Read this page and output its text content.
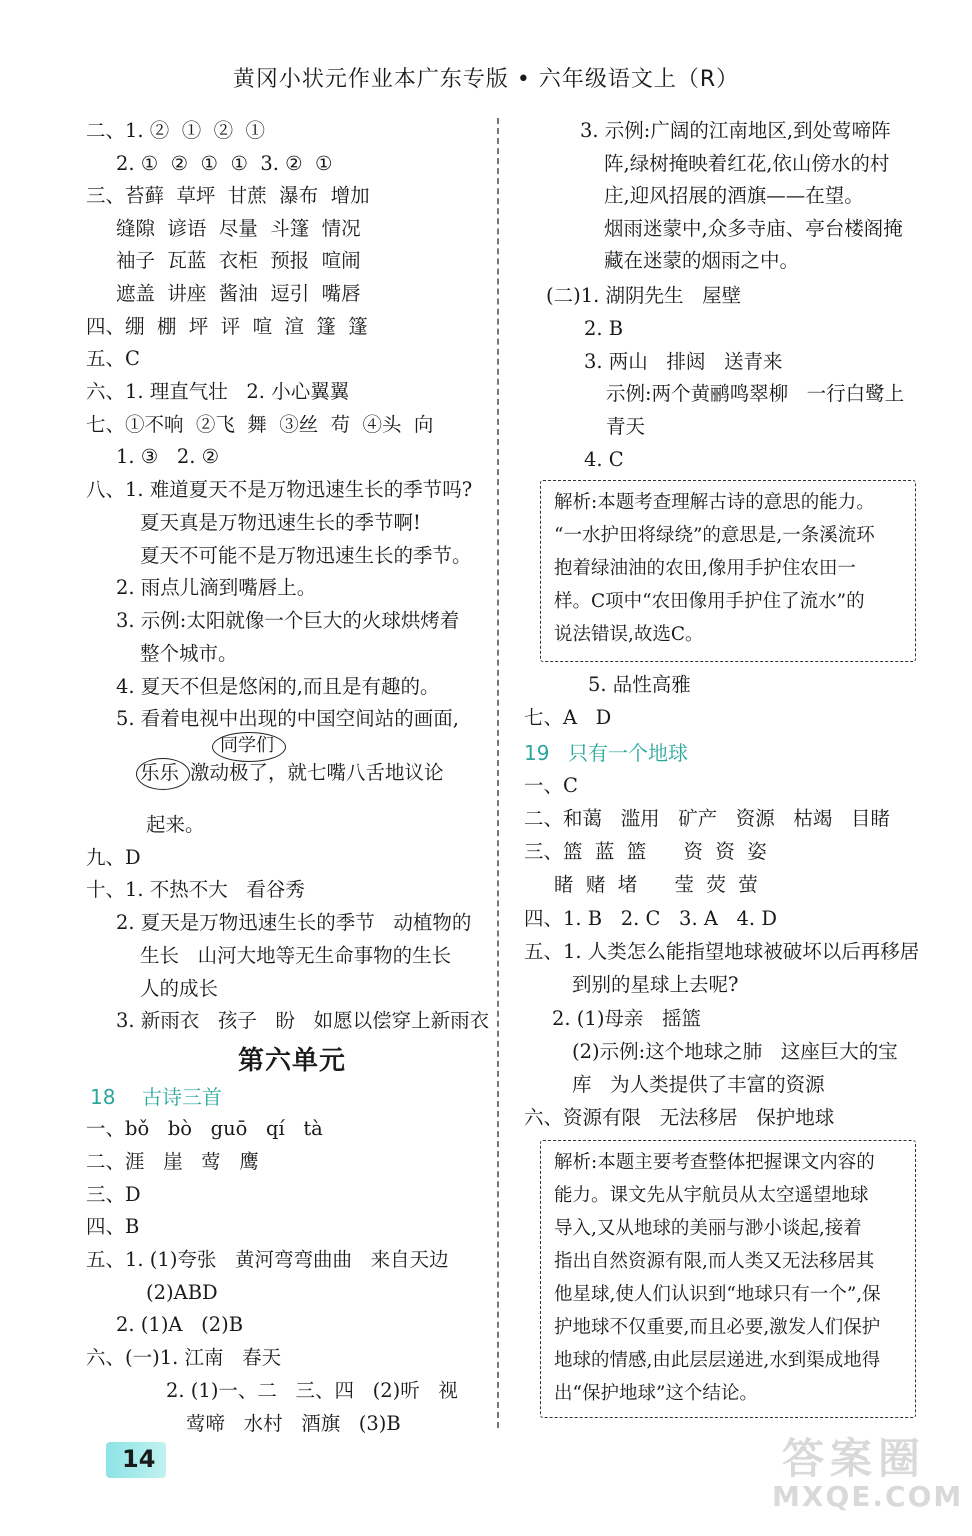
黄冈小状元作业本广东专版 • 六年级语文上（R）
二、1. ②  ①  ②  ①
2. ①  ②  ①  ①  3. ②  ①
三、苔藓  草坪  甘蔗  瀑布  增加
缝隙  谚语  尽量  斗篷  情况
袖子  瓦蓝  衣柜  预报  喧闹
遮盖  讲座  酱油  逗引  嘴唇
四、绷  棚  坪  评  喧  渲  篷  篷
五、C
六、1. 理直气壮   2. 小心翼翼
七、①不响  ②飞  舞  ③丝  苟  ④头  向
1. ③   2. ②
八、1. 难道夏天不是万物迅速生长的季节吗?
夏天真是万物迅速生长的季节啊!
夏天不可能不是万物迅速生长的季节。
2. 雨点儿滴到嘴唇上。
3. 示例:太阳就像一个巨大的火球烘烤着
整个城市。
4. 夏天不但是悠闲的,而且是有趣的。
5. 看着电视中出现的中国空间站的画面,
同学们
乐乐 激动极了，就七嘴八舌地议论
起来。
九、D
十、1. 不热不大   看谷秀
2. 夏天是万物迅速生长的季节   动植物的
生长   山河大地等无生命事物的生长
人的成长
3. 新雨衣   孩子   盼   如愿以偿穿上新雨衣
第六单元
18 古诗三首
一、bǒ   bò   guō   qí   tà
二、涯   崖   莺   鹰
三、D
四、B
五、1. (1)夸张   黄河弯弯曲曲   来自天边
(2)ABD
2. (1)A   (2)B
六、(一)1. 江南   春天
2. (1)一、二   三、四   (2)听   视
莺啼   水村   酒旗   (3)B
3. 示例:广阔的江南地区,到处莺啼阵
阵,绿树掩映着红花,依山傍水的村
庄,迎风招展的酒旗——在望。
烟雨迷蒙中,众多寺庙、亭台楼阁掩
藏在迷蒙的烟雨之中。
(二)1. 湖阴先生   屋壁
2. B
3. 两山   排闼   送青来
示例:两个黄鹂鸣翠柳   一行白鹭上
青天
4. C
解析:本题考查理解古诗的意思的能力。
“一水护田将绿绕”的意思是,一条溪流环
抱着绿油油的农田,像用手护住农田一
样。C项中“农田像用手护住了流水”的
说法错误,故选C。
5. 品性高雅
七、A   D
19 只有一个地球
一、C
二、和蔼   滥用   矿产   资源   枯竭   目睹
三、篮  蓝  篮      资  资  姿
睹  赌  堵      莹  荧  萤
四、1. B   2. C   3. A   4. D
五、1. 人类怎么能指望地球被破坏以后再移居
到别的星球上去呢?
2. (1)母亲   摇篮
(2)示例:这个地球之肺   这座巨大的宝
库   为人类提供了丰富的资源
六、资源有限   无法移居   保护地球
解析:本题主要考查整体把握课文内容的
能力。课文先从宇航员从太空遥望地球
导入,又从地球的美丽与渺小谈起,接着
指出自然资源有限,而人类又无法移居其
他星球,使人们认识到“地球只有一个”,保
护地球不仅重要,而且必要,激发人们保护
地球的情感,由此层层递进,水到渠成地得
出“保护地球”这个结论。
14	答案圈
MXQE.COM
